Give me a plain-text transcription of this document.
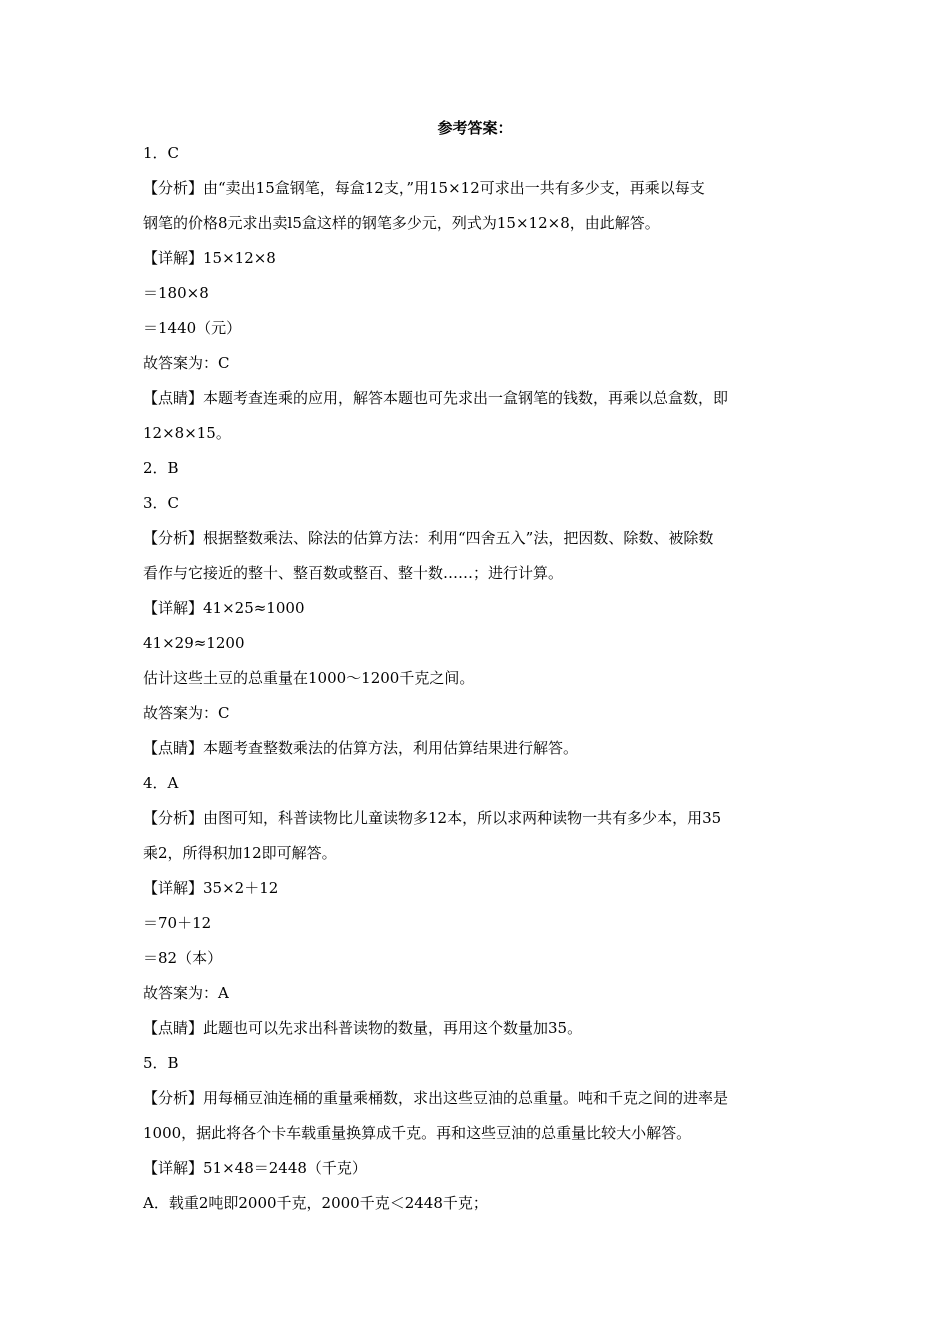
参考答案：
1．C
【分析】由“卖出15盒钢笔，每盒12支，”用15×12可求出一共有多少支，再乘以每支
钢笔的价格8元求出卖l5盒这样的钢笔多少元，列式为15×12×8，由此解答。
【详解】15×12×8
＝180×8
＝1440（元）
故答案为：C
【点睛】本题考查连乘的应用，解答本题也可先求出一盒钢笔的钱数，再乘以总盒数，即
12×8×15。
2．B
3．C
【分析】根据整数乘法、除法的估算方法：利用“四舍五入”法，把因数、除数、被除数
看作与它接近的整十、整百数或整百、整十数……；进行计算。
【详解】41×25≈1000
41×29≈1200
估计这些土豆的总重量在1000～1200千克之间。
故答案为：C
【点睛】本题考查整数乘法的估算方法，利用估算结果进行解答。
4．A
【分析】由图可知，科普读物比儿童读物多12本，所以求两种读物一共有多少本，用35
乘2，所得积加12即可解答。
【详解】35×2＋12
＝70＋12
＝82（本）
故答案为：A
【点睛】此题也可以先求出科普读物的数量，再用这个数量加35。
5．B
【分析】用每桶豆油连桶的重量乘桶数，求出这些豆油的总重量。吨和千克之间的进率是
1000，据此将各个卡车载重量换算成千克。再和这些豆油的总重量比较大小解答。
【详解】51×48＝2448（千克）
A．载重2吨即2000千克，2000千克＜2448千克；
